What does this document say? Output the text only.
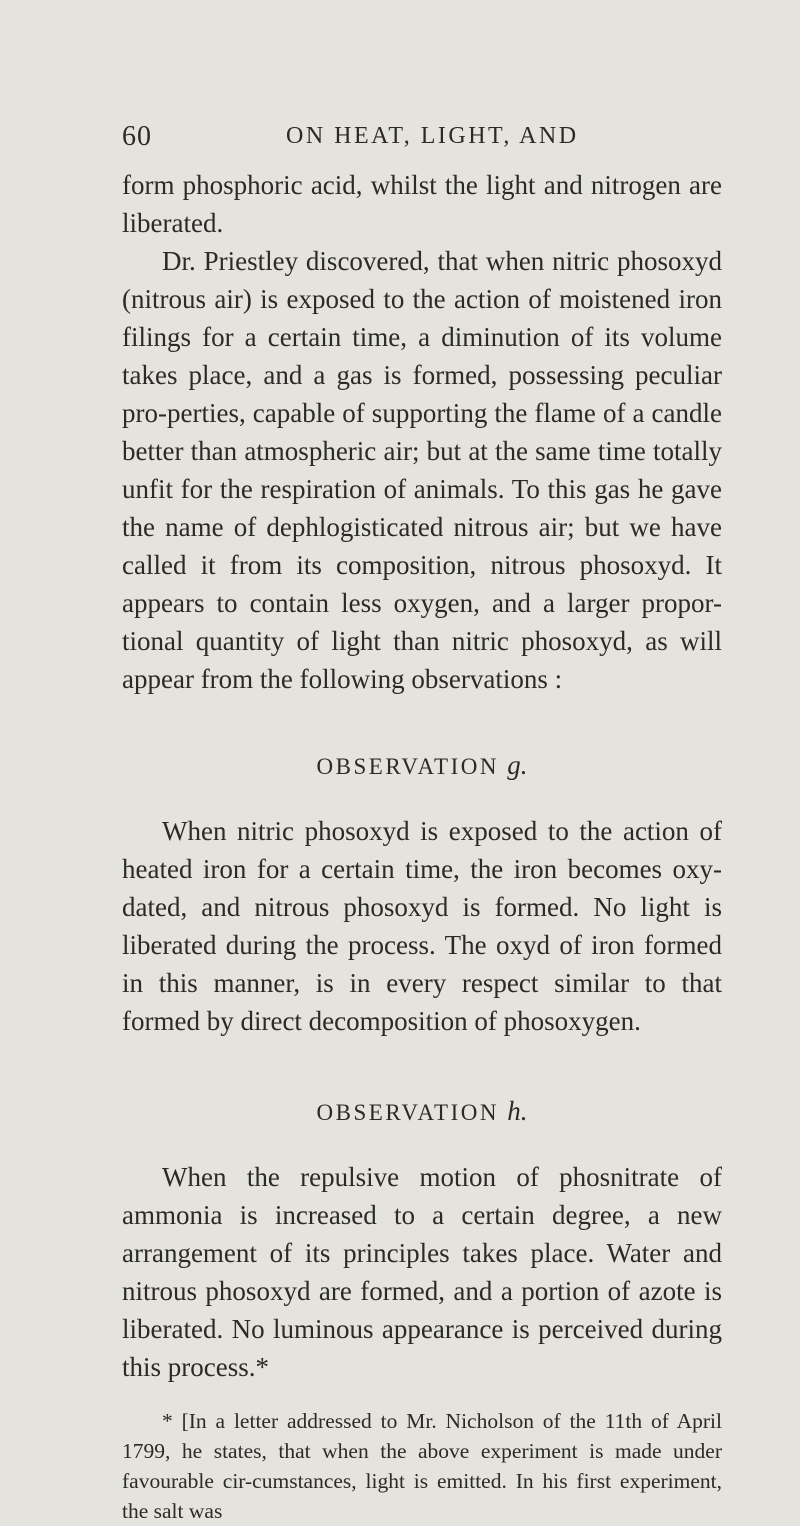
60	ON HEAT, LIGHT, AND

form phosphoric acid, whilst the light and nitrogen are liberated.

Dr. Priestley discovered, that when nitric phosoxyd (nitrous air) is exposed to the action of moistened iron filings for a certain time, a diminution of its volume takes place, and a gas is formed, possessing peculiar pro-perties, capable of supporting the flame of a candle better than atmospheric air; but at the same time totally unfit for the respiration of animals. To this gas he gave the name of dephlogisticated nitrous air; but we have called it from its composition, nitrous phosoxyd. It appears to contain less oxygen, and a larger propor-tional quantity of light than nitric phosoxyd, as will appear from the following observations :

OBSERVATION g.

When nitric phosoxyd is exposed to the action of heated iron for a certain time, the iron becomes oxy-dated, and nitrous phosoxyd is formed. No light is liberated during the process. The oxyd of iron formed in this manner, is in every respect similar to that formed by direct decomposition of phosoxygen.

OBSERVATION h.

When the repulsive motion of phosnitrate of ammonia is increased to a certain degree, a new arrangement of its principles takes place. Water and nitrous phosoxyd are formed, and a portion of azote is liberated. No luminous appearance is perceived during this process.*

* [In a letter addressed to Mr. Nicholson of the 11th of April 1799, he states, that when the above experiment is made under favourable cir-cumstances, light is emitted. In his first experiment, the salt was
